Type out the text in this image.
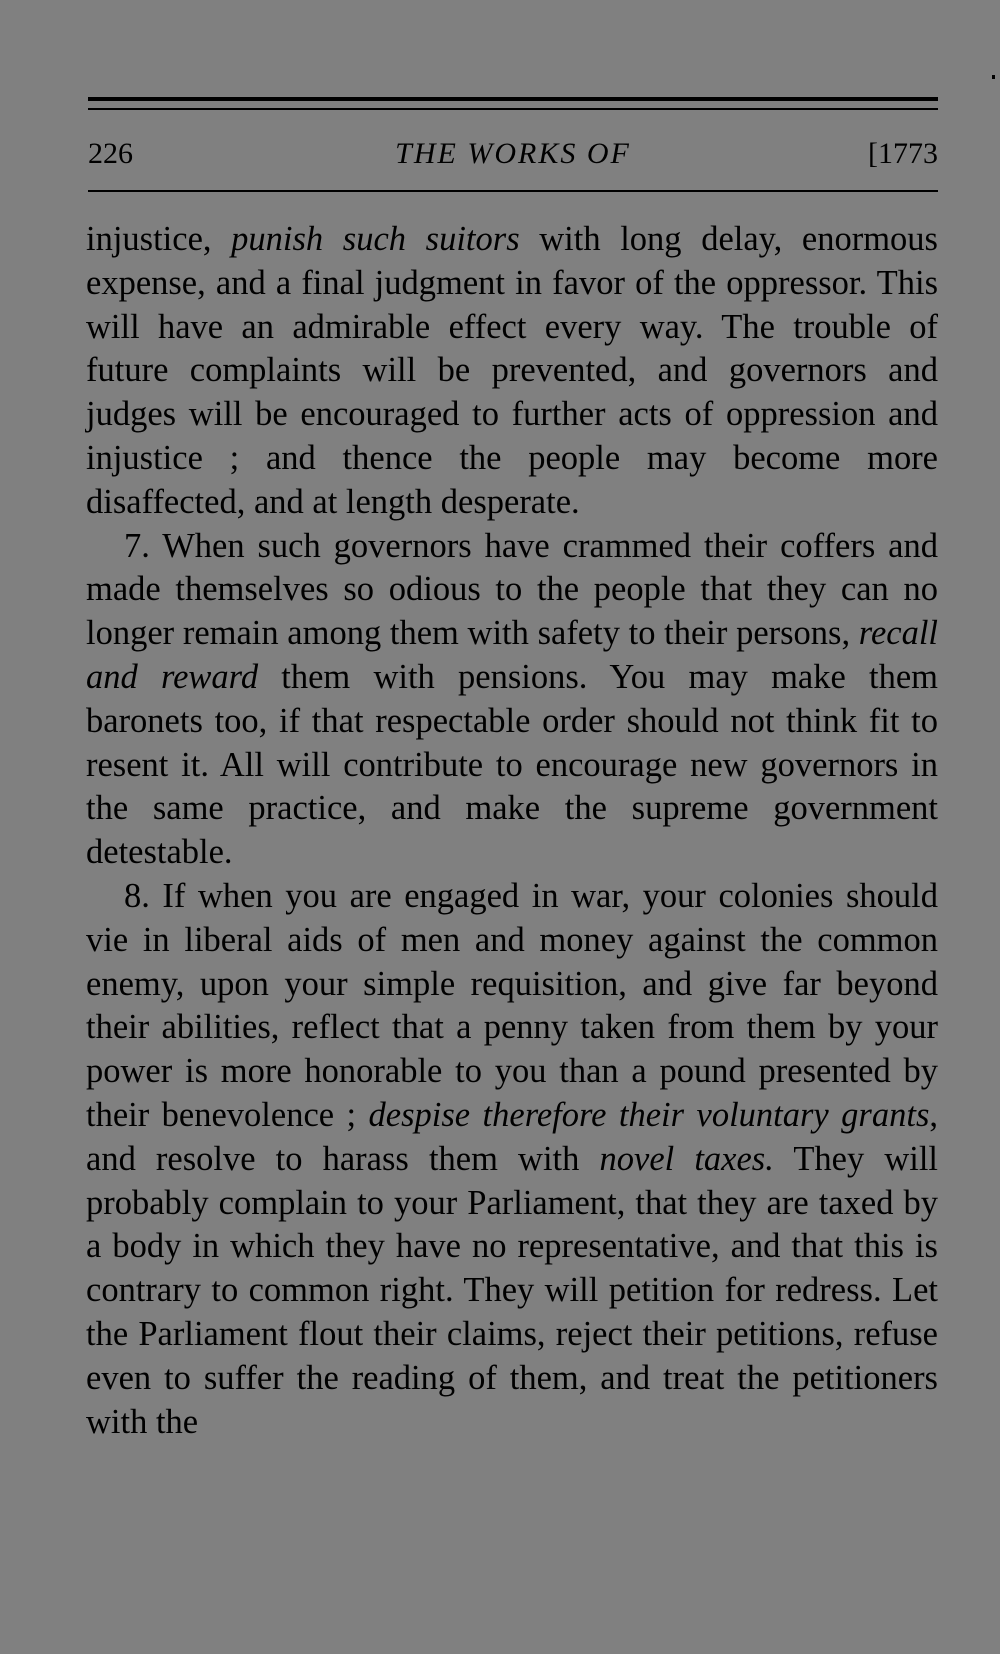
226	THE WORKS OF	[1773

injustice, punish such suitors with long delay, enormous expense, and a final judgment in favor of the oppressor. This will have an admirable effect every way. The trouble of future complaints will be prevented, and governors and judges will be encouraged to further acts of oppression and injustice ; and thence the people may become more disaffected, and at length desperate.

7. When such governors have crammed their coffers and made themselves so odious to the people that they can no longer remain among them with safety to their persons, recall and reward them with pensions. You may make them baronets too, if that respectable order should not think fit to resent it. All will contribute to encourage new governors in the same practice, and make the supreme government detestable.

8. If when you are engaged in war, your colonies should vie in liberal aids of men and money against the common enemy, upon your simple requisition, and give far beyond their abilities, reflect that a penny taken from them by your power is more honorable to you than a pound presented by their benevolence ; despise therefore their voluntary grants, and resolve to harass them with novel taxes. They will probably complain to your Parliament, that they are taxed by a body in which they have no representative, and that this is contrary to common right. They will petition for redress. Let the Parliament flout their claims, reject their petitions, refuse even to suffer the reading of them, and treat the petitioners with the
